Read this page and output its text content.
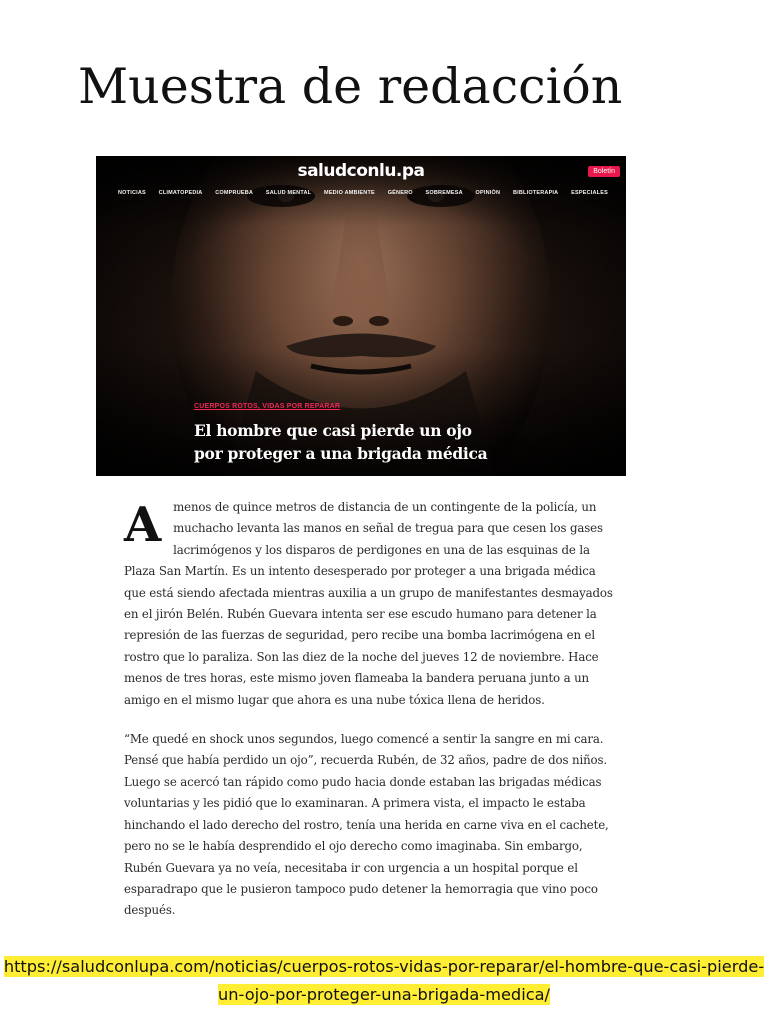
Muestra de redacción
saludconlu.pa	Boletín
NOTICIAS CLIMATOPEDIA COMPRUEBA SALUD MENTAL MEDIO AMBIENTE GÉNERO SOBREMESA OPINIÓN BIBLIOTERAPIA ESPECIALES
CUERPOS ROTOS, VIDAS POR REPARAR
El hombre que casi pierde un ojo por proteger a una brigada médica

A menos de quince metros de distancia de un contingente de la policía, un muchacho levanta las manos en señal de tregua para que cesen los gases lacrimógenos y los disparos de perdigones en una de las esquinas de la Plaza San Martín. Es un intento desesperado por proteger a una brigada médica que está siendo afectada mientras auxilia a un grupo de manifestantes desmayados en el jirón Belén. Rubén Guevara intenta ser ese escudo humano para detener la represión de las fuerzas de seguridad, pero recibe una bomba lacrimógena en el rostro que lo paraliza. Son las diez de la noche del jueves 12 de noviembre. Hace menos de tres horas, este mismo joven flameaba la bandera peruana junto a un amigo en el mismo lugar que ahora es una nube tóxica llena de heridos.

“Me quedé en shock unos segundos, luego comencé a sentir la sangre en mi cara. Pensé que había perdido un ojo”, recuerda Rubén, de 32 años, padre de dos niños. Luego se acercó tan rápido como pudo hacia donde estaban las brigadas médicas voluntarias y les pidió que lo examinaran. A primera vista, el impacto le estaba hinchando el lado derecho del rostro, tenía una herida en carne viva en el cachete, pero no se le había desprendido el ojo derecho como imaginaba. Sin embargo, Rubén Guevara ya no veía, necesitaba ir con urgencia a un hospital porque el esparadrapo que le pusieron tampoco pudo detener la hemorragia que vino poco después.

https://saludconlupa.com/noticias/cuerpos-rotos-vidas-por-reparar/el-hombre-que-casi-pierde-un-ojo-por-proteger-una-brigada-medica/
